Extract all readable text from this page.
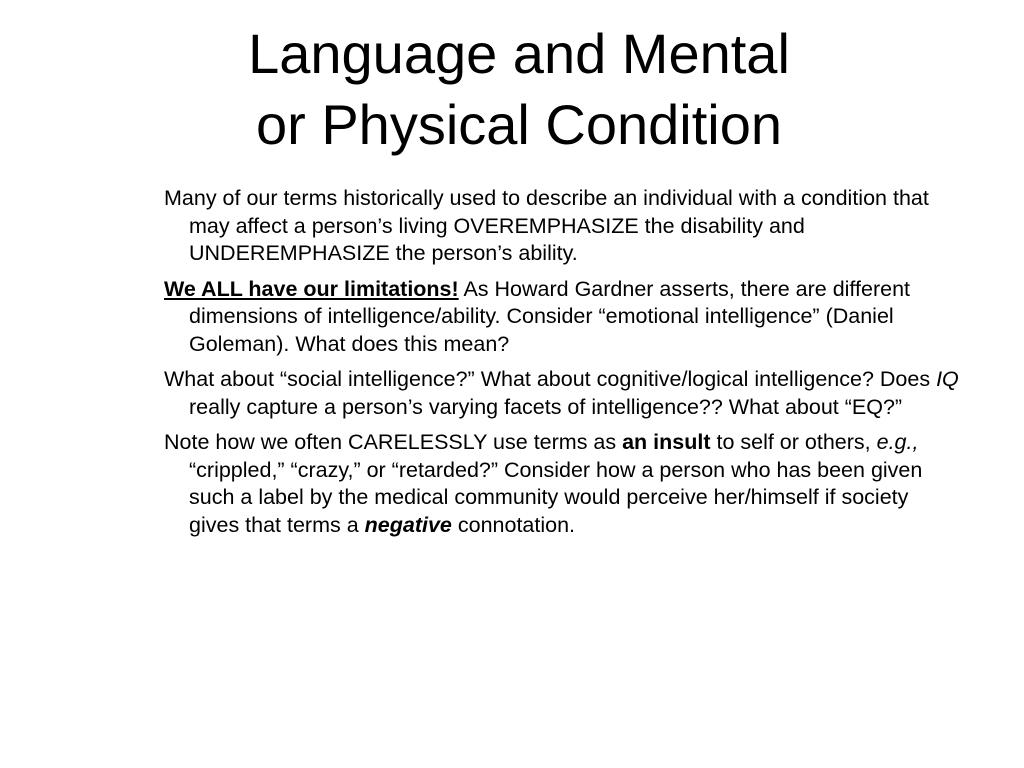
Language and Mental
or Physical Condition

Many of our terms historically used to describe an individual with a condition that may affect a person’s living OVEREMPHASIZE the disability and UNDEREMPHASIZE the person’s ability.

We ALL have our limitations! As Howard Gardner asserts, there are different dimensions of intelligence/ability. Consider “emotional intelligence” (Daniel Goleman). What does this mean?

What about “social intelligence?” What about cognitive/logical intelligence? Does IQ really capture a person’s varying facets of intelligence?? What about “EQ?”

Note how we often CARELESSLY use terms as an insult to self or others, e.g., “crippled,” “crazy,” or “retarded?” Consider how a person who has been given such a label by the medical community would perceive her/himself if society gives that terms a negative connotation.
